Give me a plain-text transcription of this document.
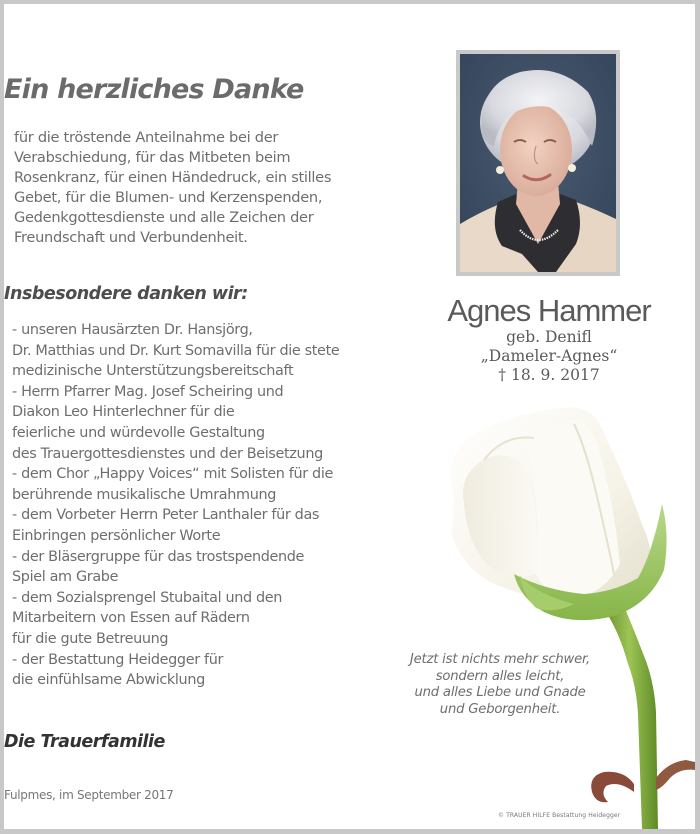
Ein herzliches Danke
für die tröstende Anteilnahme bei der
Verabschiedung, für das Mitbeten beim
Rosenkranz, für einen Händedruck, ein stilles
Gebet, für die Blumen- und Kerzenspenden,
Gedenkgottesdienste und alle Zeichen der
Freundschaft und Verbundenheit.
Insbesondere danken wir:
- unseren Hausärzten Dr. Hansjörg,
Dr. Matthias und Dr. Kurt Somavilla für die stete
medizinische Unterstützungsbereitschaft
- Herrn Pfarrer Mag. Josef Scheiring und
Diakon Leo Hinterlechner für die
feierliche und würdevolle Gestaltung
des Trauergottesdienstes und der Beisetzung
- dem Chor „Happy Voices“ mit Solisten für die
berührende musikalische Umrahmung
- dem Vorbeter Herrn Peter Lanthaler für das
Einbringen persönlicher Worte
- der Bläsergruppe für das trostspendende
Spiel am Grabe
- dem Sozialsprengel Stubaital und den
Mitarbeitern von Essen auf Rädern
für die gute Betreuung
- der Bestattung Heidegger für
die einfühlsame Abwicklung
Die Trauerfamilie
Fulpmes, im September 2017
Agnes Hammer
geb. Denifl
„Dameler-Agnes“
† 18. 9. 2017
Jetzt ist nichts mehr schwer,
sondern alles leicht,
und alles Liebe und Gnade
und Geborgenheit.
© TRAUER HILFE Bestattung Heidegger
